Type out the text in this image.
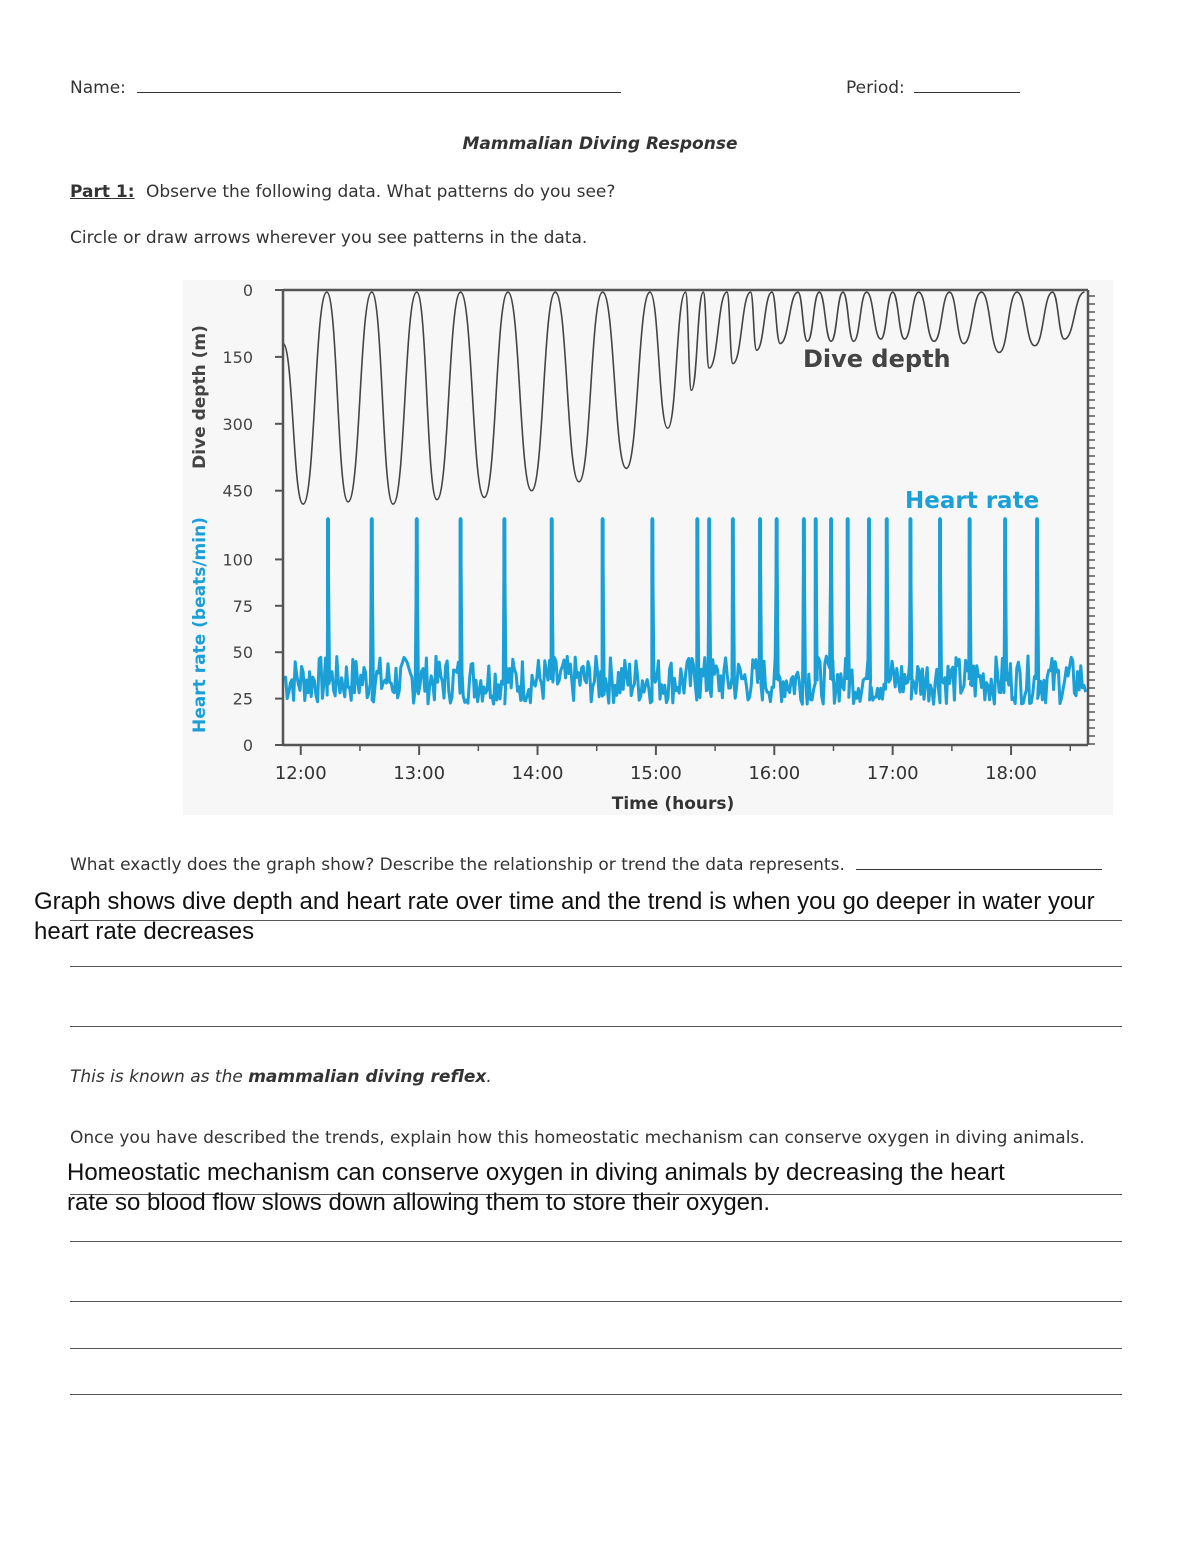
Name:	Period:
Mammalian Diving Response
Part 1: Observe the following data. What patterns do you see?
Circle or draw arrows wherever you see patterns in the data.
0
150
300
450
0
25
50
75
100
12:00	13:00	14:00	15:00	16:00	17:00	18:00
Dive depth
Heart rate
Time (hours)
Dive depth (m)
Heart rate (beats/min)
What exactly does the graph show? Describe the relationship or trend the data represents.
Graph shows dive depth and heart rate over time and the trend is when you go deeper in water your
heart rate decreases
This is known as the mammalian diving reflex.
Once you have described the trends, explain how this homeostatic mechanism can conserve oxygen in diving animals.
Homeostatic mechanism can conserve oxygen in diving animals by decreasing the heart
rate so blood flow slows down allowing them to store their oxygen.
